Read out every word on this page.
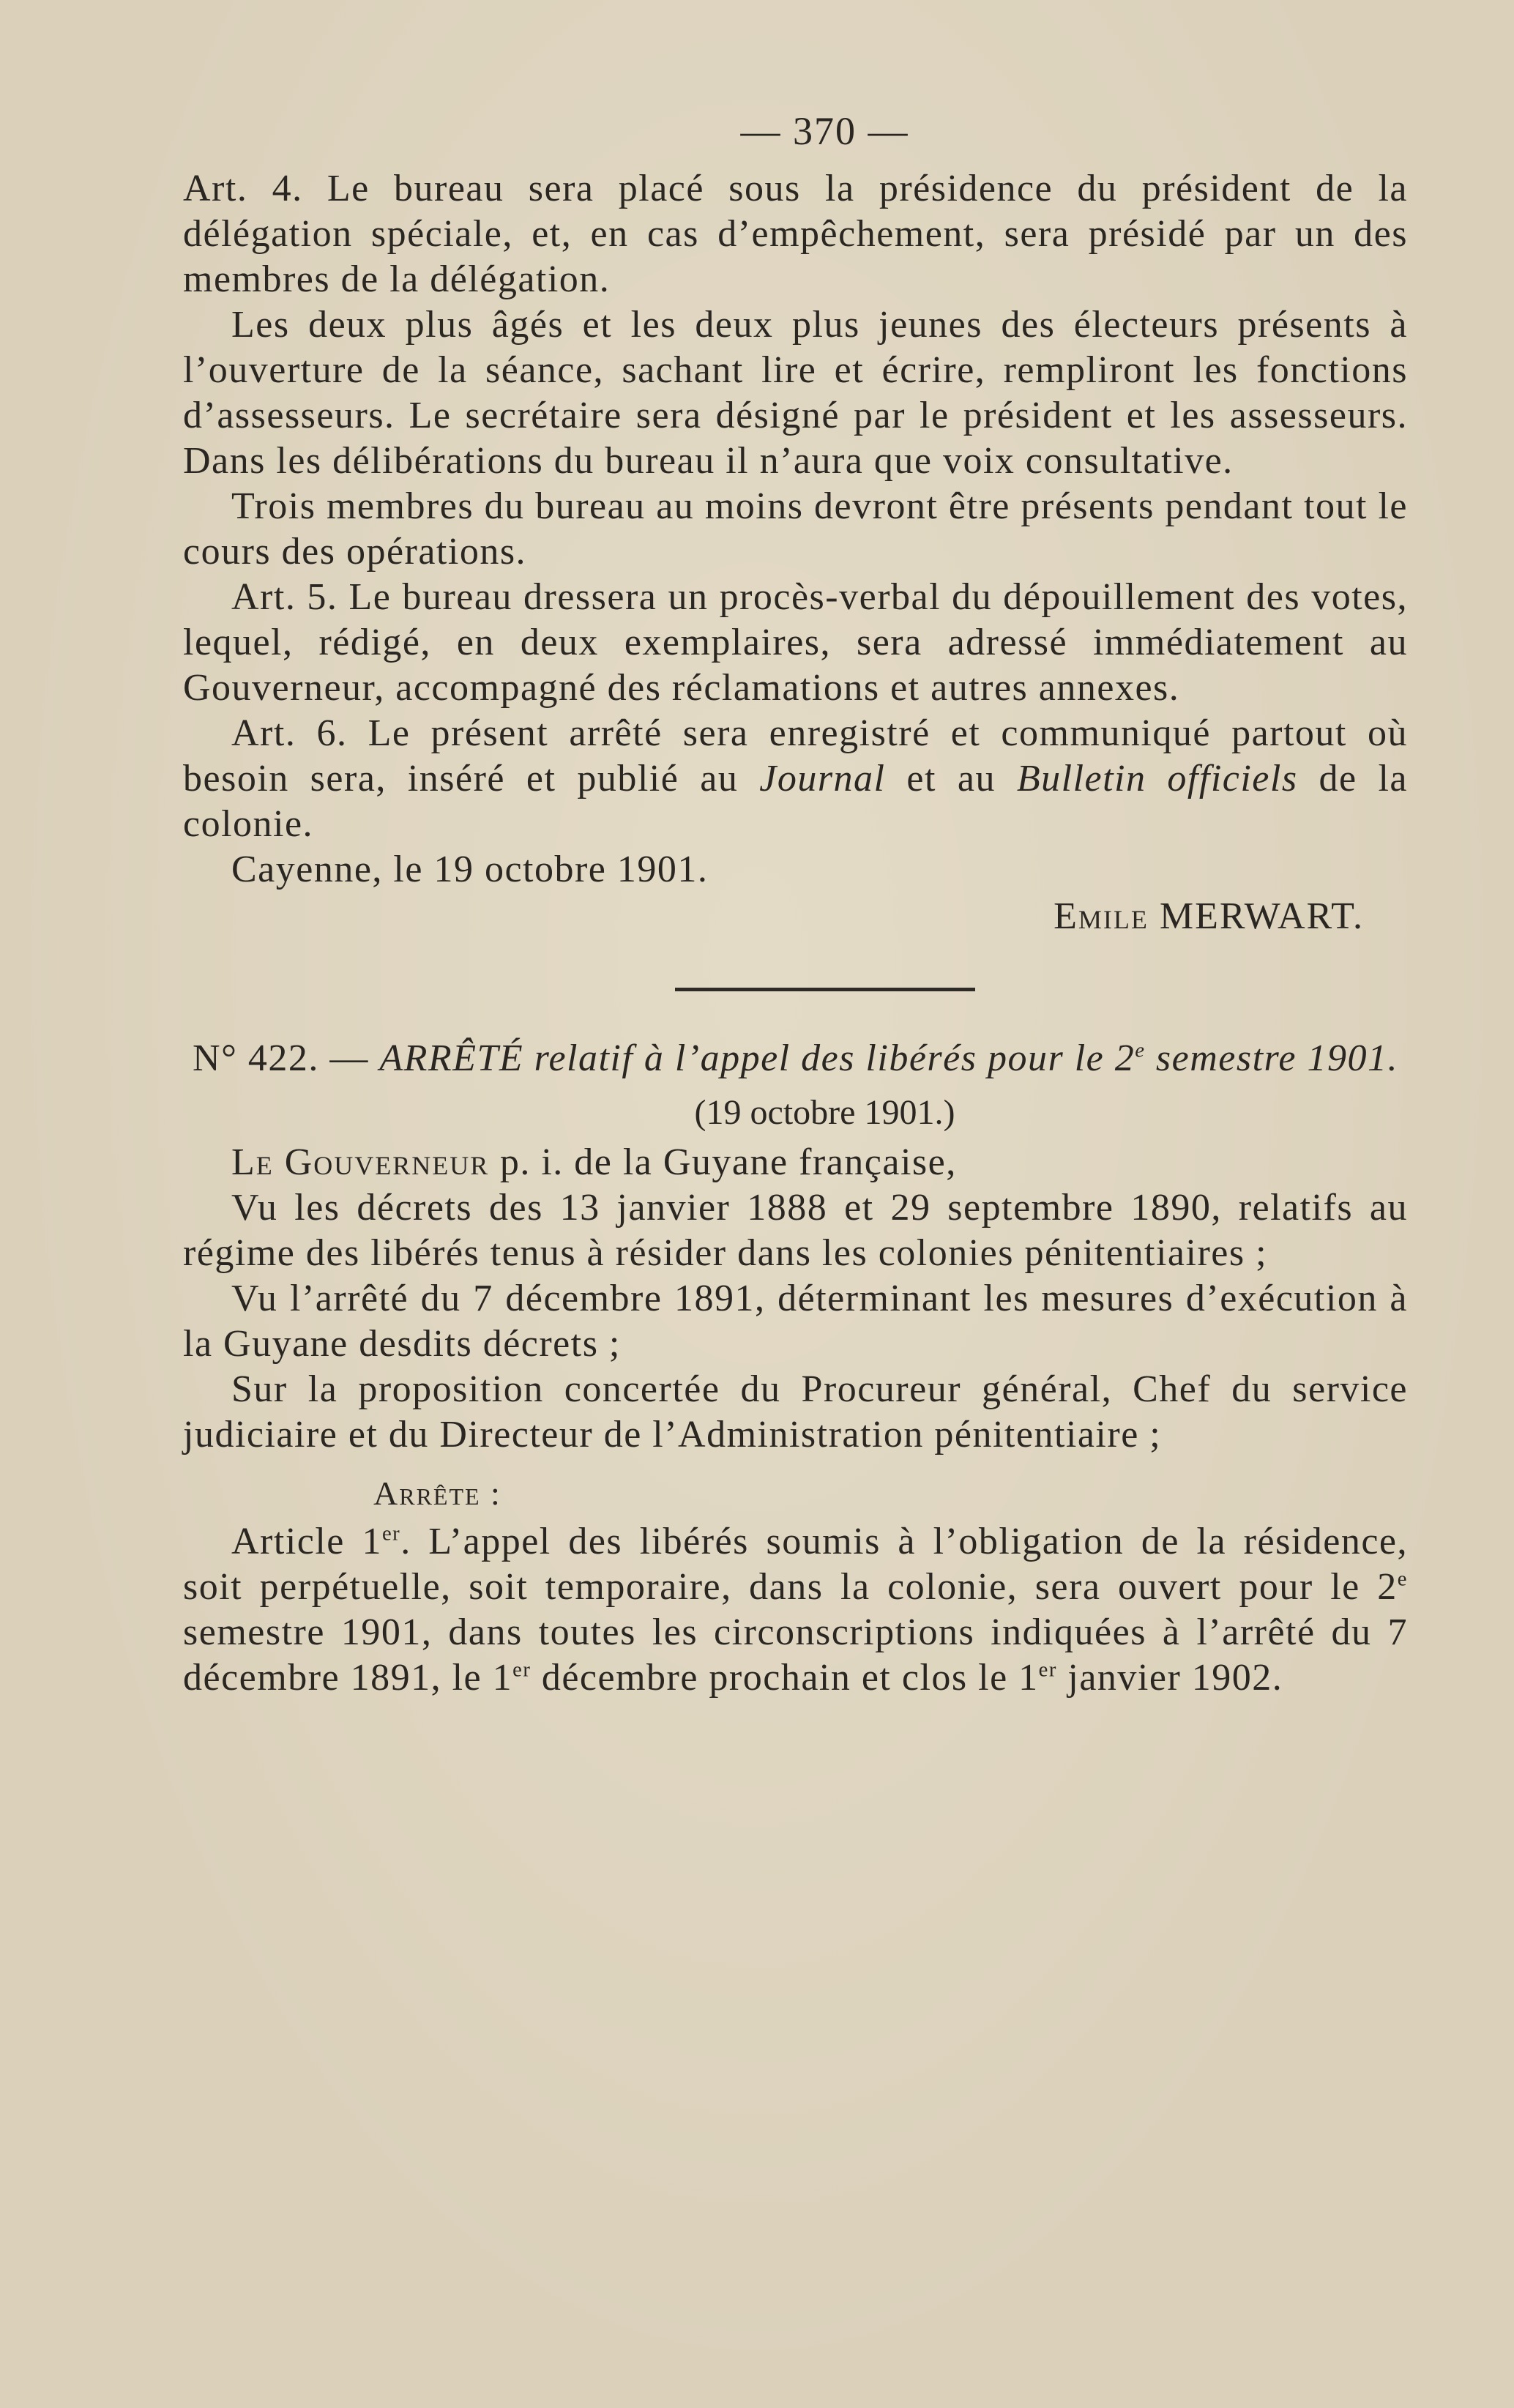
— 370 —

Art. 4. Le bureau sera placé sous la présidence du président de la délégation spéciale, et, en cas d’empêchement, sera présidé par un des membres de la délégation.

Les deux plus âgés et les deux plus jeunes des électeurs présents à l’ouverture de la séance, sachant lire et écrire, rempliront les fonctions d’assesseurs. Le secrétaire sera désigné par le président et les assesseurs. Dans les délibérations du bureau il n’aura que voix consultative.

Trois membres du bureau au moins devront être présents pendant tout le cours des opérations.

Art. 5. Le bureau dressera un procès-verbal du dépouillement des votes, lequel, rédigé, en deux exemplaires, sera adressé immédiatement au Gouverneur, accompagné des réclamations et autres annexes.

Art. 6. Le présent arrêté sera enregistré et communiqué partout où besoin sera, inséré et publié au Journal et au Bulletin officiels de la colonie.

Cayenne, le 19 octobre 1901.

Emile MERWART.

N° 422. — ARRÊTÉ relatif à l’appel des libérés pour le 2e semestre 1901.

(19 octobre 1901.)

Le Gouverneur p. i. de la Guyane française,

Vu les décrets des 13 janvier 1888 et 29 septembre 1890, relatifs au régime des libérés tenus à résider dans les colonies pénitentiaires ;

Vu l’arrêté du 7 décembre 1891, déterminant les mesures d’exécution à la Guyane desdits décrets ;

Sur la proposition concertée du Procureur général, Chef du service judiciaire et du Directeur de l’Administration pénitentiaire ;

Arrête :

Article 1er. L’appel des libérés soumis à l’obligation de la résidence, soit perpétuelle, soit temporaire, dans la colonie, sera ouvert pour le 2e semestre 1901, dans toutes les circonscriptions indiquées à l’arrêté du 7 décembre 1891, le 1er décembre prochain et clos le 1er janvier 1902.
